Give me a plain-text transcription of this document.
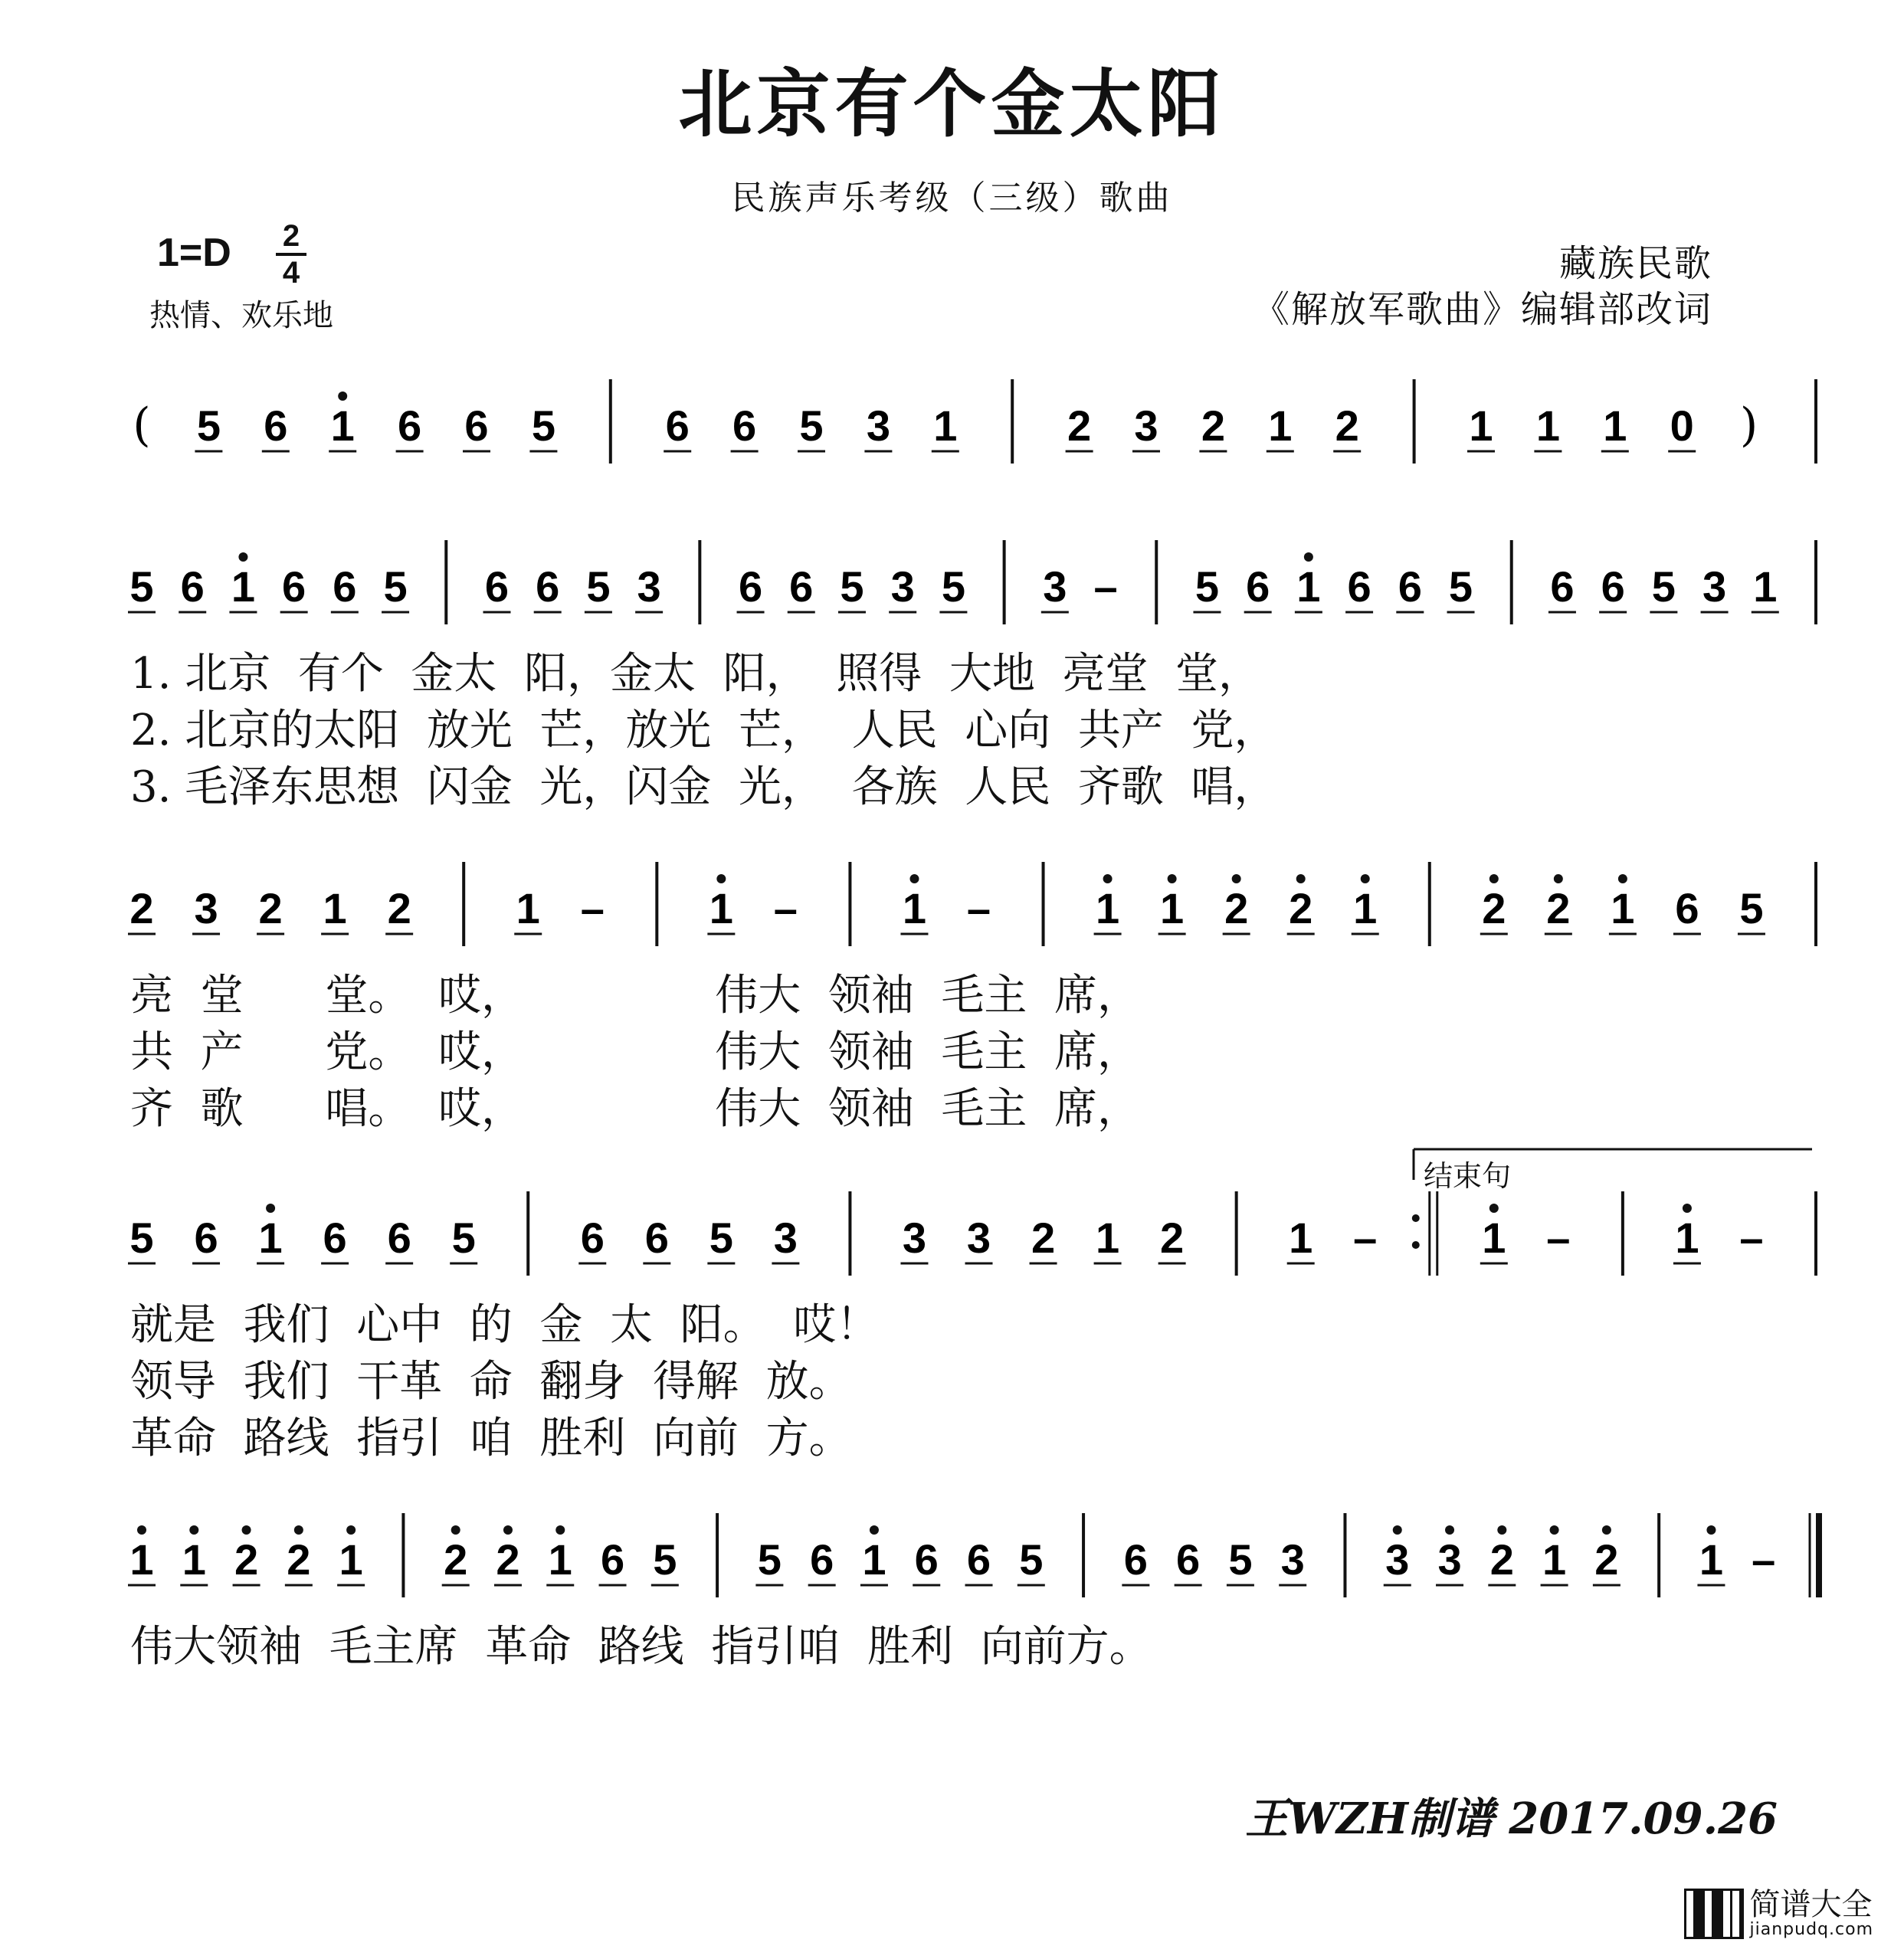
北京有个金太阳
民族声乐考级（三级）歌曲
1=D 2
4
热情、欢乐地
藏族民歌
《解放军歌曲》编辑部改词
( 5 6 1 6 6 5	6 6 5 3 1	2 3 2 1 2	1 1 1 0 )
5 6 1 6 6 5 6 6 5 3 6 6 5 3 5 3 – 5 6 1 6 6 5 6 6 5 3 1
2 3 2 1 2 1 – 1 – 1 – 1 1 2 2 1 2 2 1 6 5
5 6 1 6 6 5 6 6 5 3 3 3 2 1 2 1 – 1 – 1 –
1 1 2 2 1 2 2 1 6 5 5 6 1 6 6 5 6 6 5 3 3 3 2 1 2 1 –
1. 北京  有个  金太  阳，金太  阳，  照得  大地  亮堂  堂，
2. 北京的太阳  放光  芒，放光  芒，  人民  心向  共产  党，
3. 毛泽东思想  闪金  光，闪金  光，  各族  人民  齐歌  唱，
亮  堂      堂。  哎，              伟大  领袖  毛主  席，
共  产      党。  哎，              伟大  领袖  毛主  席，
齐  歌      唱。  哎，              伟大  领袖  毛主  席，
就是  我们  心中  的  金  太  阳。  哎！
领导  我们  干革  命  翻身  得解  放。
革命  路线  指引  咱  胜利  向前  方。
伟大领袖  毛主席  革命  路线  指引咱  胜利  向前方。
王WZH制谱 2017.09.26
简谱大全
jianpudq.com
结束句
